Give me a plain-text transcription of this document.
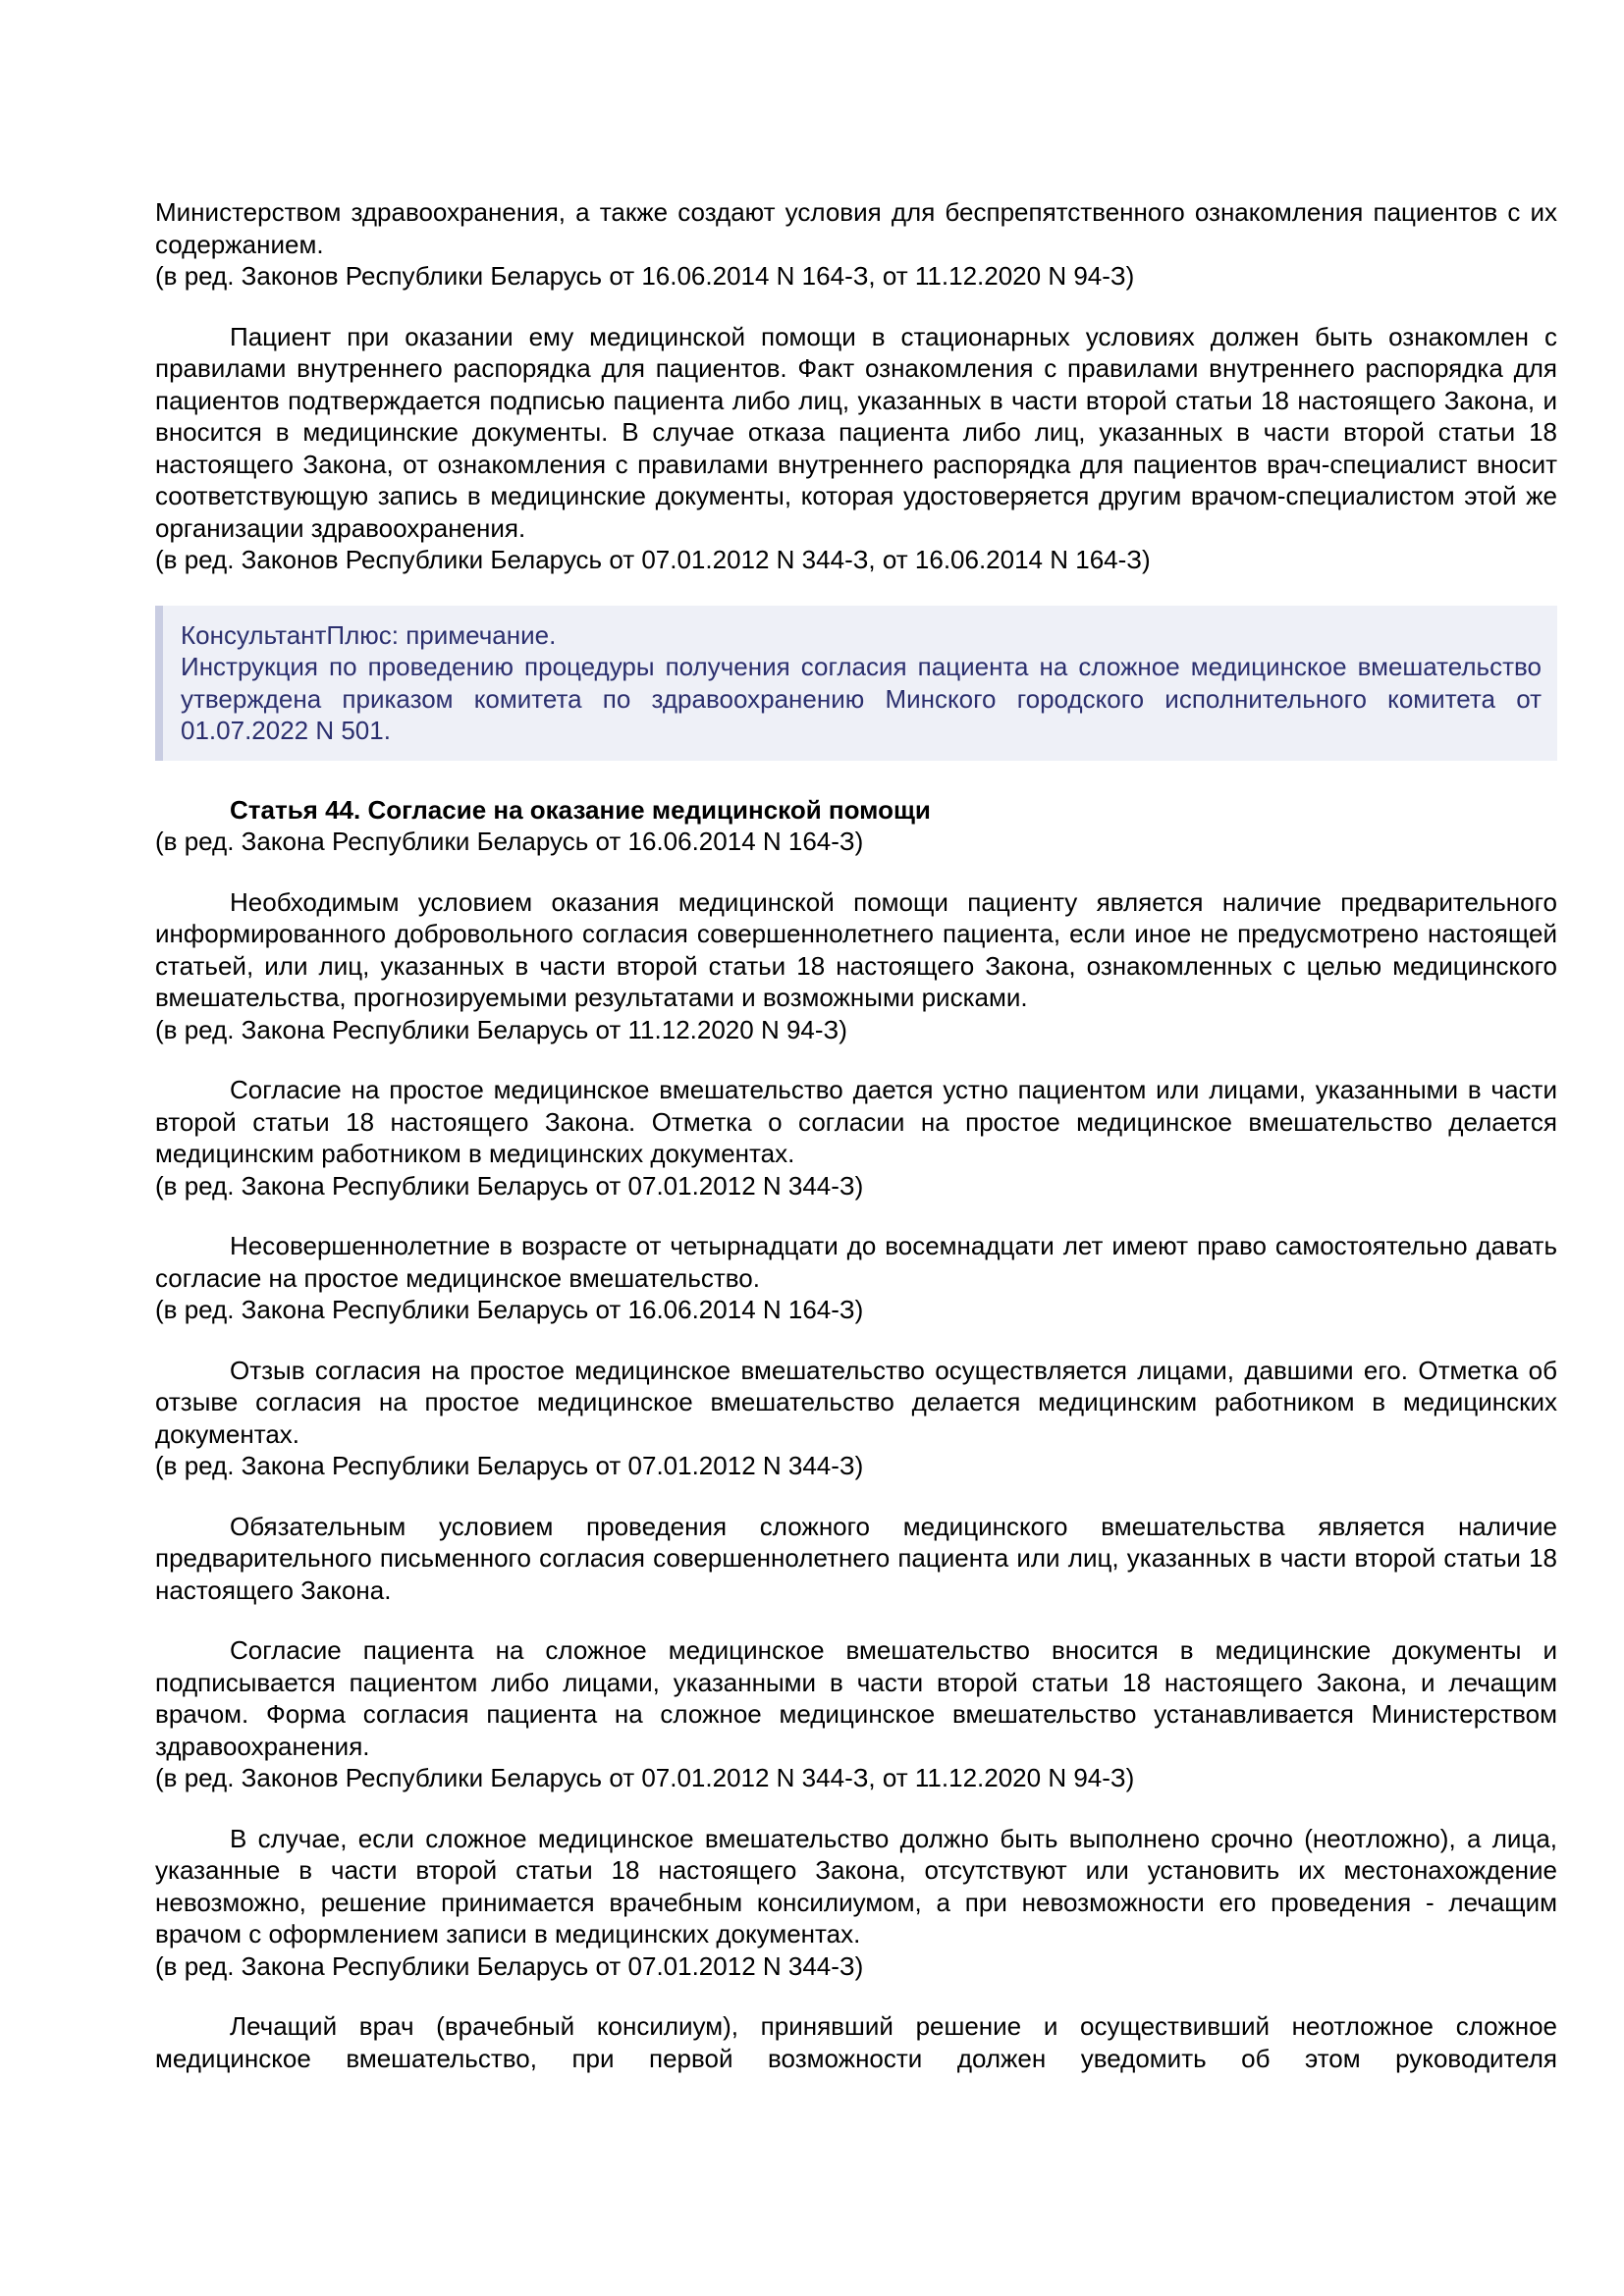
Министерством здравоохранения, а также создают условия для беспрепятственного ознакомления пациентов с их содержанием.

(в ред. Законов Республики Беларусь от 16.06.2014 N 164-З, от 11.12.2020 N 94-З)

Пациент при оказании ему медицинской помощи в стационарных условиях должен быть ознакомлен с правилами внутреннего распорядка для пациентов. Факт ознакомления с правилами внутреннего распорядка для пациентов подтверждается подписью пациента либо лиц, указанных в части второй статьи 18 настоящего Закона, и вносится в медицинские документы. В случае отказа пациента либо лиц, указанных в части второй статьи 18 настоящего Закона, от ознакомления с правилами внутреннего распорядка для пациентов врач-специалист вносит соответствующую запись в медицинские документы, которая удостоверяется другим врачом-специалистом этой же организации здравоохранения.

(в ред. Законов Республики Беларусь от 07.01.2012 N 344-З, от 16.06.2014 N 164-З)

КонсультантПлюс: примечание.

Инструкция по проведению процедуры получения согласия пациента на сложное медицинское вмешательство утверждена приказом комитета по здравоохранению Минского городского исполнительного комитета от 01.07.2022 N 501.

Статья 44. Согласие на оказание медицинской помощи

(в ред. Закона Республики Беларусь от 16.06.2014 N 164-З)

Необходимым условием оказания медицинской помощи пациенту является наличие предварительного информированного добровольного согласия совершеннолетнего пациента, если иное не предусмотрено настоящей статьей, или лиц, указанных в части второй статьи 18 настоящего Закона, ознакомленных с целью медицинского вмешательства, прогнозируемыми результатами и возможными рисками.

(в ред. Закона Республики Беларусь от 11.12.2020 N 94-З)

Согласие на простое медицинское вмешательство дается устно пациентом или лицами, указанными в части второй статьи 18 настоящего Закона. Отметка о согласии на простое медицинское вмешательство делается медицинским работником в медицинских документах.

(в ред. Закона Республики Беларусь от 07.01.2012 N 344-З)

Несовершеннолетние в возрасте от четырнадцати до восемнадцати лет имеют право самостоятельно давать согласие на простое медицинское вмешательство.

(в ред. Закона Республики Беларусь от 16.06.2014 N 164-З)

Отзыв согласия на простое медицинское вмешательство осуществляется лицами, давшими его. Отметка об отзыве согласия на простое медицинское вмешательство делается медицинским работником в медицинских документах.

(в ред. Закона Республики Беларусь от 07.01.2012 N 344-З)

Обязательным условием проведения сложного медицинского вмешательства является наличие предварительного письменного согласия совершеннолетнего пациента или лиц, указанных в части второй статьи 18 настоящего Закона.

Согласие пациента на сложное медицинское вмешательство вносится в медицинские документы и подписывается пациентом либо лицами, указанными в части второй статьи 18 настоящего Закона, и лечащим врачом. Форма согласия пациента на сложное медицинское вмешательство устанавливается Министерством здравоохранения.

(в ред. Законов Республики Беларусь от 07.01.2012 N 344-З, от 11.12.2020 N 94-З)

В случае, если сложное медицинское вмешательство должно быть выполнено срочно (неотложно), а лица, указанные в части второй статьи 18 настоящего Закона, отсутствуют или установить их местонахождение невозможно, решение принимается врачебным консилиумом, а при невозможности его проведения - лечащим врачом с оформлением записи в медицинских документах.

(в ред. Закона Республики Беларусь от 07.01.2012 N 344-З)

Лечащий врач (врачебный консилиум), принявший решение и осуществивший неотложное сложное медицинское вмешательство, при первой возможности должен уведомить об этом руководителя
